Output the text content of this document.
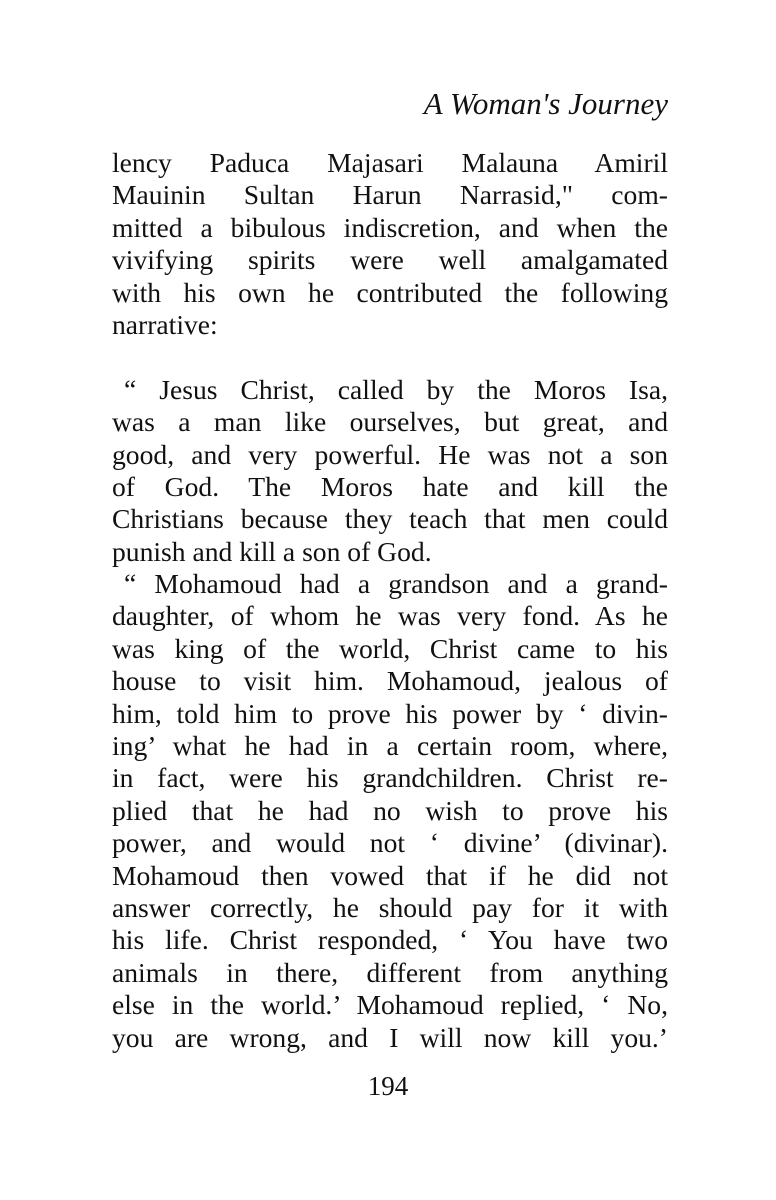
A Woman's Journey
lency Paduca Majasari Malauna Amiril
Mauinin Sultan Harun Narrasid," com-
mitted a bibulous indiscretion, and when the
vivifying spirits were well amalgamated
with his own he contributed the following
narrative:
“ Jesus Christ, called by the Moros Isa,
was a man like ourselves, but great, and
good, and very powerful. He was not a son
of God. The Moros hate and kill the
Christians because they teach that men could
punish and kill a son of God.
“ Mohamoud had a grandson and a grand-
daughter, of whom he was very fond. As he
was king of the world, Christ came to his
house to visit him. Mohamoud, jealous of
him, told him to prove his power by ‘ divin-
ing’ what he had in a certain room, where,
in fact, were his grandchildren. Christ re-
plied that he had no wish to prove his
power, and would not ‘ divine’ (divinar).
Mohamoud then vowed that if he did not
answer correctly, he should pay for it with
his life. Christ responded, ‘ You have two
animals in there, different from anything
else in the world.’ Mohamoud replied, ‘ No,
you are wrong, and I will now kill you.’
194
